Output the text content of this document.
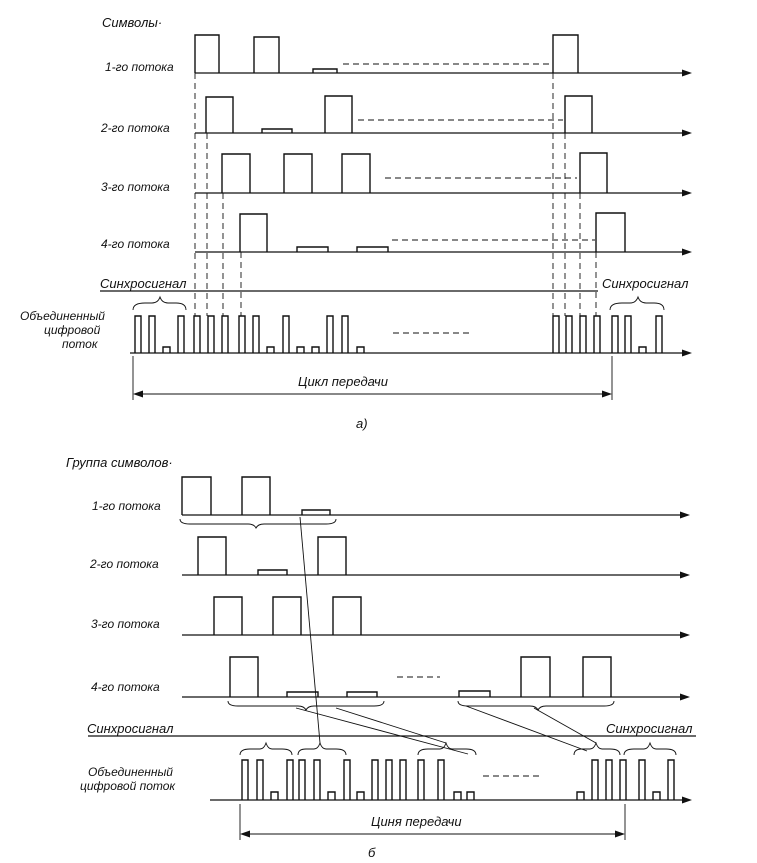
Символы·
1-го потока
2-го потока
3-го потока
4-го потока
Синхросигнал	Синхросигнал
Объединенный
цифровой
поток
Цикл передачи
а)
Группа символов·
1-го потока
2-го потока
3-го потока
4-го потока
Синхросигнал	Синхросигнал
Объединенный
цифровой поток
Циня передачи
б
